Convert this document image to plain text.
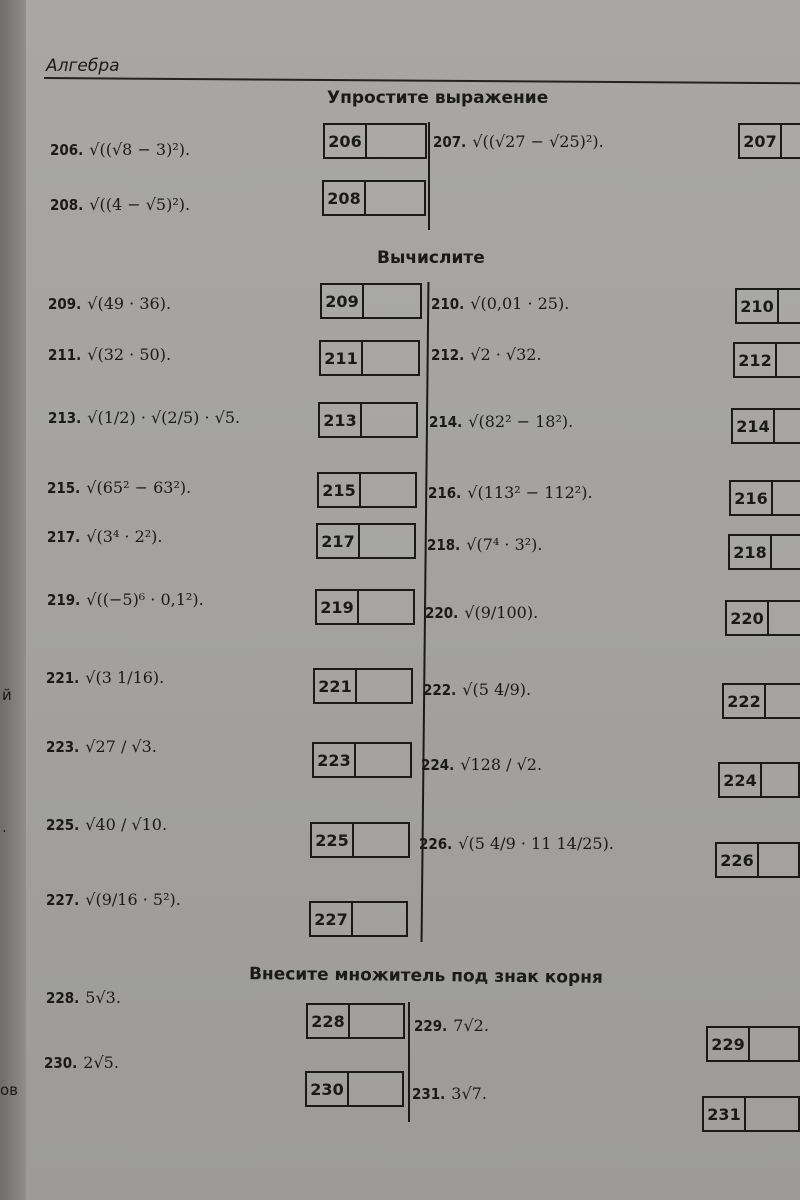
Алгебра
Упростите выражение
Вычислите
Внесите множитель под знак корня
206. √((√8 − 3)²).
208. √((4 − √5)²).
209. √(49 · 36).
211. √(32 · 50).
213. √(1/2) · √(2/5) · √5.
215. √(65² − 63²).
217. √(3⁴ · 2²).
219. √((−5)⁶ · 0,1²).
221. √(3 1/16).
223. √27 / √3.
225. √40 / √10.
227. √(9/16 · 5²).
228. 5√3.
230. 2√5.
207. √((√27 − √25)²).
210. √(0,01 · 25).
212. √2 · √32.
214. √(82² − 18²).
216. √(113² − 112²).
218. √(7⁴ · 3²).
220. √(9/100).
222. √(5 4/9).
224. √128 / √2.
226. √(5 4/9 · 11 14/25).
229. 7√2.
231. 3√7.
206
208
209
211
213
215
217
219
221
223
225
227
228
230
207
210
212
214
216
218
220
222
224
226
229
231
й
.
ов
